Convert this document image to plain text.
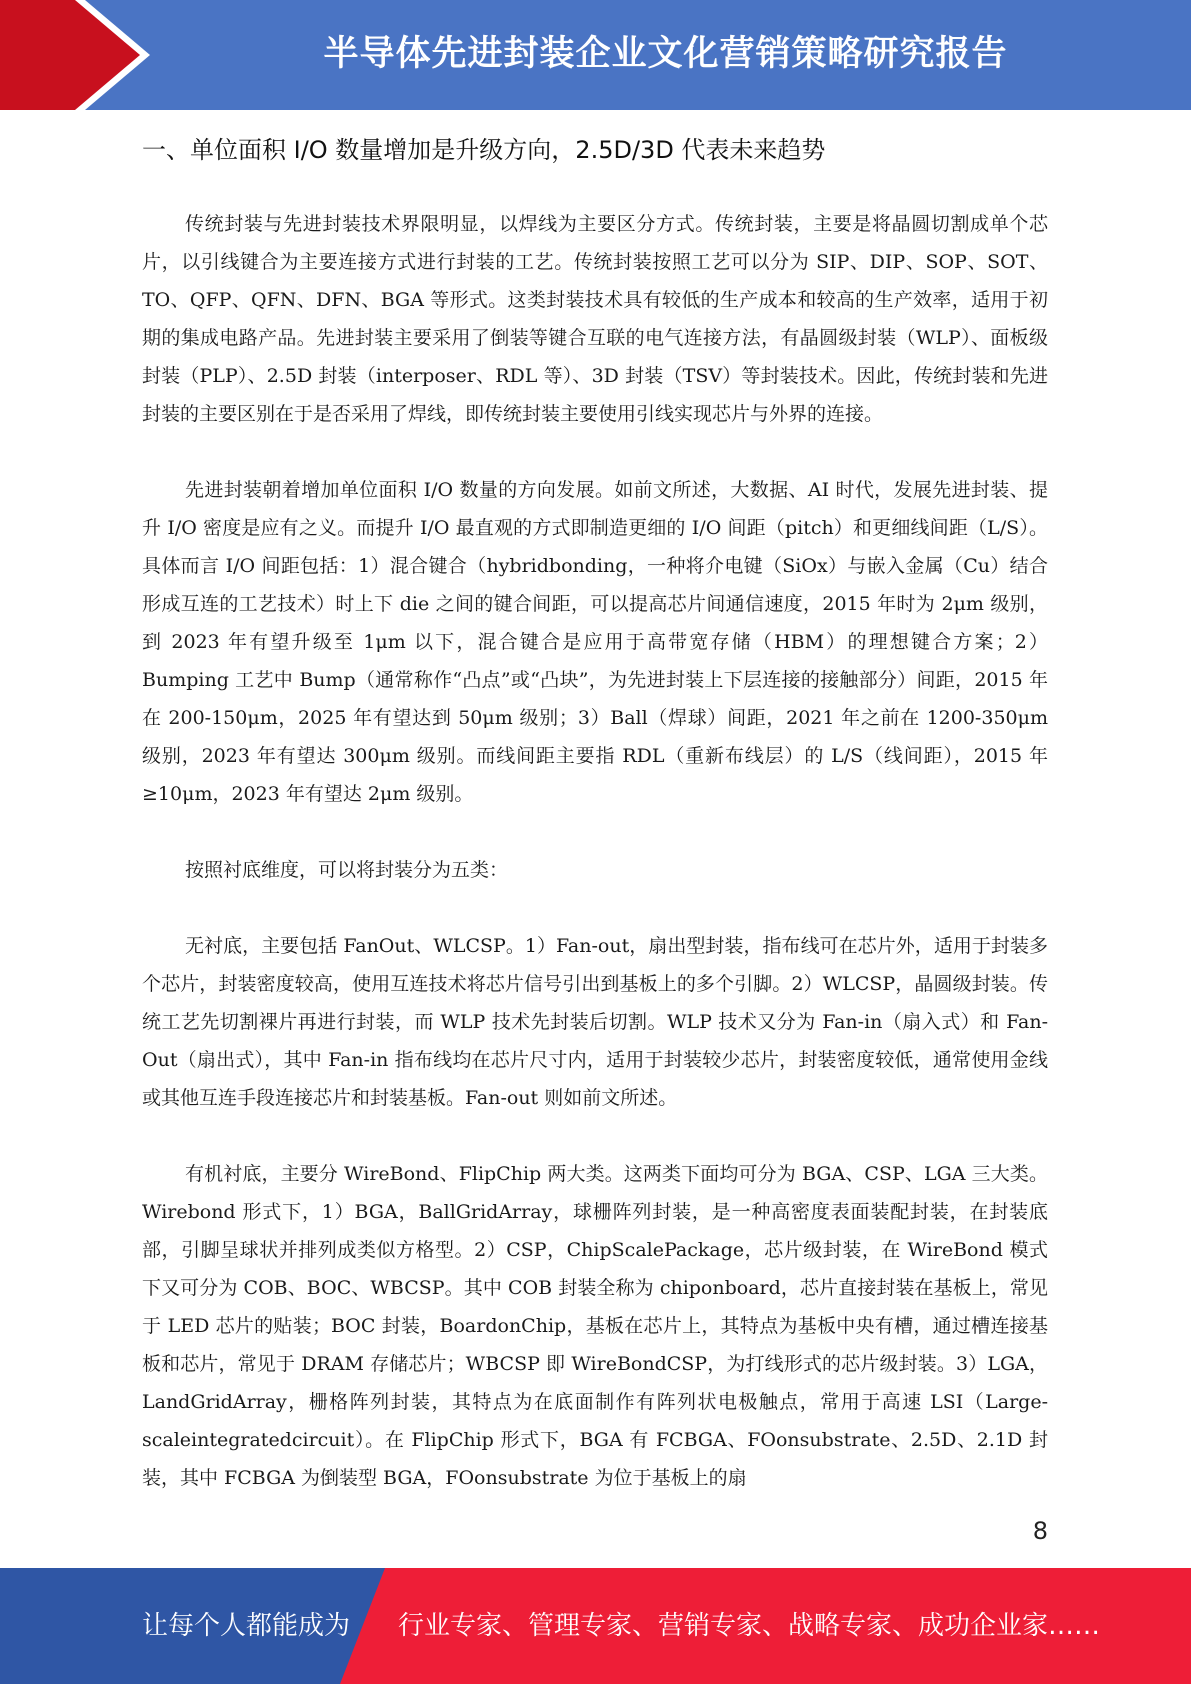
半导体先进封装企业文化营销策略研究报告
一、单位面积 I/O 数量增加是升级方向，2.5D/3D 代表未来趋势

传统封装与先进封装技术界限明显，以焊线为主要区分方式。传统封装，主要是将晶圆切割成单个芯片，以引线键合为主要连接方式进行封装的工艺。传统封装按照工艺可以分为 SIP、DIP、SOP、SOT、TO、QFP、QFN、DFN、BGA 等形式。这类封装技术具有较低的生产成本和较高的生产效率，适用于初期的集成电路产品。先进封装主要采用了倒装等键合互联的电气连接方法，有晶圆级封装（WLP）、面板级封装（PLP）、2.5D 封装（interposer、RDL 等）、3D 封装（TSV）等封装技术。因此，传统封装和先进封装的主要区别在于是否采用了焊线，即传统封装主要使用引线实现芯片与外界的连接。

先进封装朝着增加单位面积 I/O 数量的方向发展。如前文所述，大数据、AI 时代，发展先进封装、提升 I/O 密度是应有之义。而提升 I/O 最直观的方式即制造更细的 I/O 间距（pitch）和更细线间距（L/S）。具体而言 I/O 间距包括：1）混合键合（hybridbonding，一种将介电键（SiOx）与嵌入金属（Cu）结合形成互连的工艺技术）时上下 die 之间的键合间距，可以提高芯片间通信速度，2015 年时为 2μm 级别，到 2023 年有望升级至 1μm 以下，混合键合是应用于高带宽存储（HBM）的理想键合方案；2）Bumping 工艺中 Bump（通常称作“凸点”或“凸块”，为先进封装上下层连接的接触部分）间距，2015 年在 200-150μm，2025 年有望达到 50μm 级别；3）Ball（焊球）间距，2021 年之前在 1200-350μm 级别，2023 年有望达 300μm 级别。而线间距主要指 RDL（重新布线层）的 L/S（线间距），2015 年≥10μm，2023 年有望达 2μm 级别。

按照衬底维度，可以将封装分为五类：

无衬底，主要包括 FanOut、WLCSP。1）Fan-out，扇出型封装，指布线可在芯片外，适用于封装多个芯片，封装密度较高，使用互连技术将芯片信号引出到基板上的多个引脚。2）WLCSP，晶圆级封装。传统工艺先切割裸片再进行封装，而 WLP 技术先封装后切割。WLP 技术又分为 Fan-in（扇入式）和 Fan-Out（扇出式），其中 Fan-in 指布线均在芯片尺寸内，适用于封装较少芯片，封装密度较低，通常使用金线或其他互连手段连接芯片和封装基板。Fan-out 则如前文所述。

有机衬底，主要分 WireBond、FlipChip 两大类。这两类下面均可分为 BGA、CSP、LGA 三大类。Wirebond 形式下，1）BGA，BallGridArray，球栅阵列封装，是一种高密度表面装配封装，在封装底部，引脚呈球状并排列成类似方格型。2）CSP，ChipScalePackage，芯片级封装，在 WireBond 模式下又可分为 COB、BOC、WBCSP。其中 COB 封装全称为 chiponboard，芯片直接封装在基板上，常见于 LED 芯片的贴装；BOC 封装，BoardonChip，基板在芯片上，其特点为基板中央有槽，通过槽连接基板和芯片，常见于 DRAM 存储芯片；WBCSP 即 WireBondCSP，为打线形式的芯片级封装。3）LGA，LandGridArray，栅格阵列封装，其特点为在底面制作有阵列状电极触点，常用于高速 LSI（Large-scaleintegratedcircuit）。在 FlipChip 形式下，BGA 有 FCBGA、FOonsubstrate、2.5D、2.1D 封装，其中 FCBGA 为倒装型 BGA，FOonsubstrate 为位于基板上的扇

8
让每个人都能成为 行业专家、管理专家、营销专家、战略专家、成功企业家……
